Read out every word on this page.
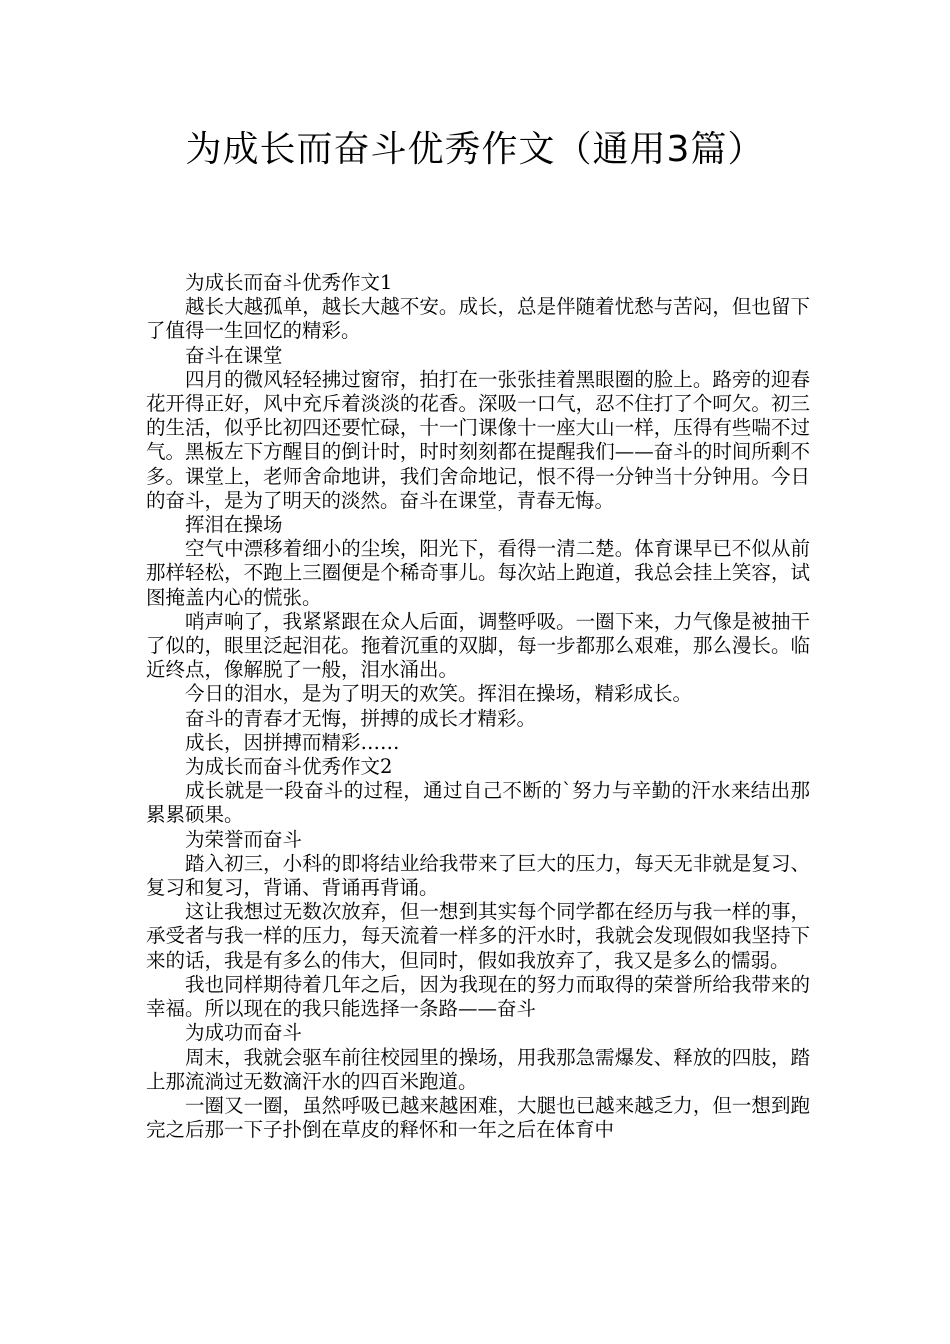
为成长而奋斗优秀作文（通用3篇）

为成长而奋斗优秀作文1

越长大越孤单，越长大越不安。成长，总是伴随着忧愁与苦闷，但也留下了值得一生回忆的精彩。

奋斗在课堂

四月的微风轻轻拂过窗帘，拍打在一张张挂着黑眼圈的脸上。路旁的迎春花开得正好，风中充斥着淡淡的花香。深吸一口气，忍不住打了个呵欠。初三的生活，似乎比初四还要忙碌，十一门课像十一座大山一样，压得有些喘不过气。黑板左下方醒目的倒计时，时时刻刻都在提醒我们——奋斗的时间所剩不多。课堂上，老师舍命地讲，我们舍命地记，恨不得一分钟当十分钟用。今日的奋斗，是为了明天的淡然。奋斗在课堂，青春无悔。

挥泪在操场

空气中漂移着细小的尘埃，阳光下，看得一清二楚。体育课早已不似从前那样轻松，不跑上三圈便是个稀奇事儿。每次站上跑道，我总会挂上笑容，试图掩盖内心的慌张。

哨声响了，我紧紧跟在众人后面，调整呼吸。一圈下来，力气像是被抽干了似的，眼里泛起泪花。拖着沉重的双脚，每一步都那么艰难，那么漫长。临近终点，像解脱了一般，泪水涌出。

今日的泪水，是为了明天的欢笑。挥泪在操场，精彩成长。

奋斗的青春才无悔，拼搏的成长才精彩。

成长，因拼搏而精彩……

为成长而奋斗优秀作文2

成长就是一段奋斗的过程，通过自己不断的`努力与辛勤的汗水来结出那累累硕果。

为荣誉而奋斗

踏入初三，小科的即将结业给我带来了巨大的压力，每天无非就是复习、复习和复习，背诵、背诵再背诵。

这让我想过无数次放弃，但一想到其实每个同学都在经历与我一样的事，承受者与我一样的压力，每天流着一样多的汗水时，我就会发现假如我坚持下来的话，我是有多么的伟大，但同时，假如我放弃了，我又是多么的懦弱。

我也同样期待着几年之后，因为我现在的努力而取得的荣誉所给我带来的幸福。所以现在的我只能选择一条路——奋斗

为成功而奋斗

周末，我就会驱车前往校园里的操场，用我那急需爆发、释放的四肢，踏上那流淌过无数滴汗水的四百米跑道。

一圈又一圈，虽然呼吸已越来越困难，大腿也已越来越乏力，但一想到跑完之后那一下子扑倒在草皮的释怀和一年之后在体育中
